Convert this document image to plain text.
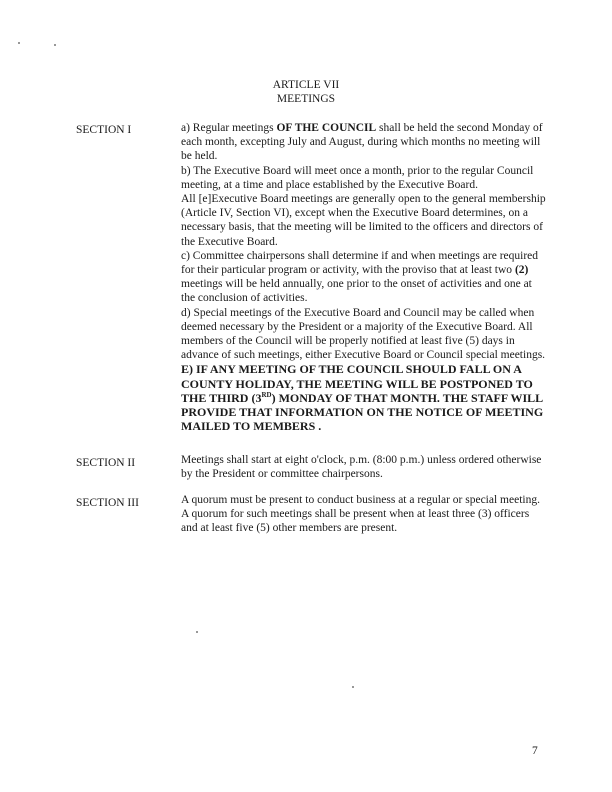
ARTICLE VII
MEETINGS
SECTION I	a) Regular meetings OF THE COUNCIL shall be held the second Monday of each month, excepting July and August, during which months no meeting will be held.

b) The Executive Board will meet once a month, prior to the regular Council meeting, at a time and place established by the Executive Board.

All [e]Executive Board meetings are generally open to the general membership (Article IV, Section VI), except when the Executive Board determines, on a necessary basis, that the meeting will be limited to the officers and directors of the Executive Board.

c) Committee chairpersons shall determine if and when meetings are required for their particular program or activity, with the proviso that at least two (2) meetings will be held annually, one prior to the onset of activities and one at the conclusion of activities.

d) Special meetings of the Executive Board and Council may be called when deemed necessary by the President or a majority of the Executive Board. All members of the Council will be properly notified at least five (5) days in advance of such meetings, either Executive Board or Council special meetings.

E) IF ANY MEETING OF THE COUNCIL SHOULD FALL ON A COUNTY HOLIDAY, THE MEETING WILL BE POSTPONED TO THE THIRD (3RD) MONDAY OF THAT MONTH. THE STAFF WILL PROVIDE THAT INFORMATION ON THE NOTICE OF MEETING MAILED TO MEMBERS .

SECTION II	Meetings shall start at eight o'clock, p.m. (8:00 p.m.) unless ordered otherwise by the President or committee chairpersons.

SECTION III	A quorum must be present to conduct business at a regular or special meeting. A quorum for such meetings shall be present when at least three (3) officers and at least five (5) other members are present.

7
